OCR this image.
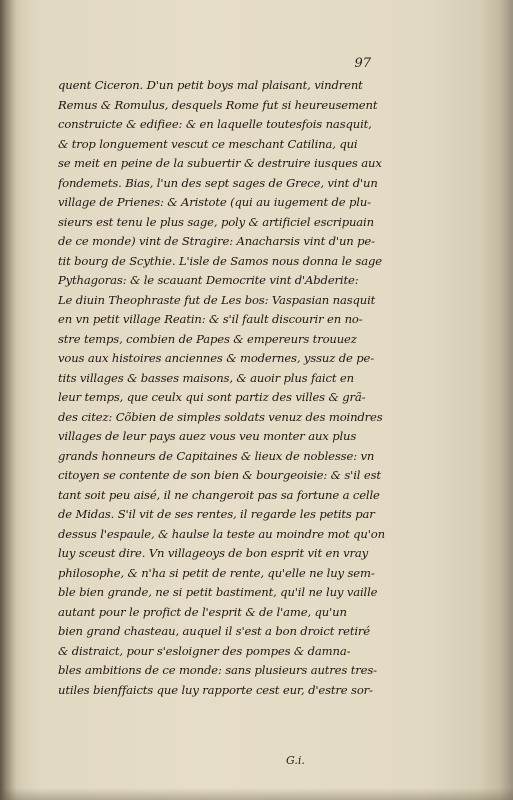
97
quent Ciceron. D'un petit boys mal plaisant, vindrent
Remus & Romulus, desquels Rome fut si heureusement
construicte & edifiee: & en laquelle toutesfois nasquit,
& trop longuement vescut ce meschant Catilina, qui
se meit en peine de la subuertir & destruire iusques aux
fondemets. Bias, l'un des sept sages de Grece, vint d'un
village de Prienes: & Aristote (qui au iugement de plu-
sieurs est tenu le plus sage, poly & artificiel escripuain
de ce monde) vint de Stragire: Anacharsis vint d'un pe-
tit bourg de Scythie. L'isle de Samos nous donna le sage
Pythagoras: & le scauant Democrite vint d'Abderite:
Le diuin Theophraste fut de Les bos: Vaspasian nasquit
en vn petit village Reatin: & s'il fault discourir en no-
stre temps, combien de Papes & empereurs trouuez
vous aux histoires anciennes & modernes, yssuz de pe-
tits villages & basses maisons, & auoir plus faict en
leur temps, que ceulx qui sont partiz des villes & grã-
des citez: Cõbien de simples soldats venuz des moindres
villages de leur pays auez vous veu monter aux plus
grands honneurs de Capitaines & lieux de noblesse: vn
citoyen se contente de son bien & bourgeoisie: & s'il est
tant soit peu aisé, il ne changeroit pas sa fortune a celle
de Midas. S'il vit de ses rentes, il regarde les petits par
dessus l'espaule, & haulse la teste au moindre mot qu'on
luy sceust dire. Vn villageoys de bon esprit vit en vray
philosophe, & n'ha si petit de rente, qu'elle ne luy sem-
ble bien grande, ne si petit bastiment, qu'il ne luy vaille
autant pour le profict de l'esprit & de l'ame, qu'un
bien grand chasteau, auquel il s'est a bon droict retiré
& distraict, pour s'esloigner des pompes & damna-
bles ambitions de ce monde: sans plusieurs autres tres-
utiles bienffaicts que luy rapporte cest eur, d'estre sor-
G.i.
